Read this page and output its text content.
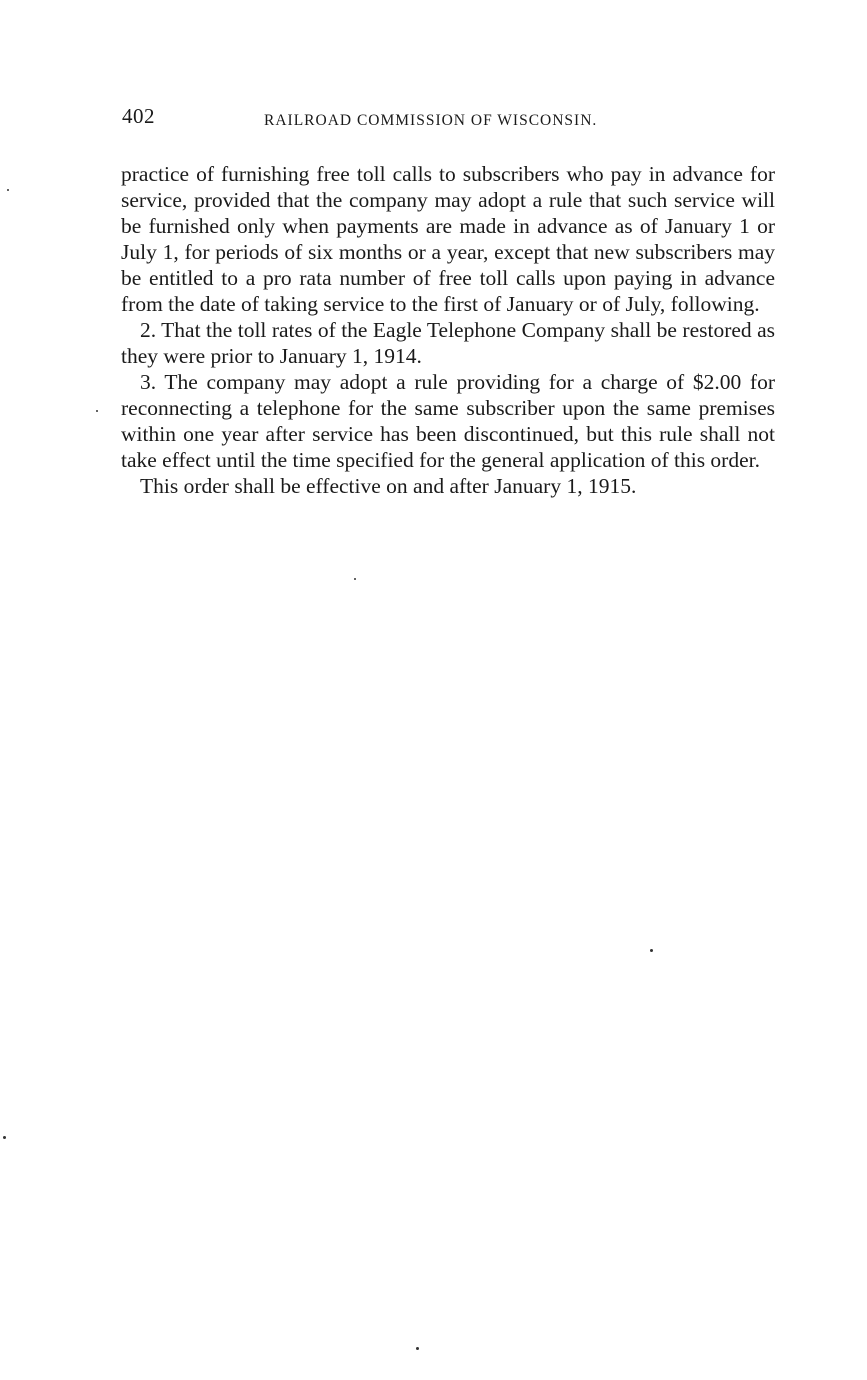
402	RAILROAD COMMISSION OF WISCONSIN.

practice of furnishing free toll calls to subscribers who pay in advance for service, provided that the company may adopt a rule that such service will be furnished only when payments are made in advance as of January 1 or July 1, for periods of six months or a year, except that new subscribers may be entitled to a pro rata number of free toll calls upon paying in advance from the date of taking service to the first of January or of July, following.

2. That the toll rates of the Eagle Telephone Company shall be restored as they were prior to January 1, 1914.

3. The company may adopt a rule providing for a charge of $2.00 for reconnecting a telephone for the same subscriber upon the same premises within one year after service has been discontinued, but this rule shall not take effect until the time specified for the general application of this order.

This order shall be effective on and after January 1, 1915.
